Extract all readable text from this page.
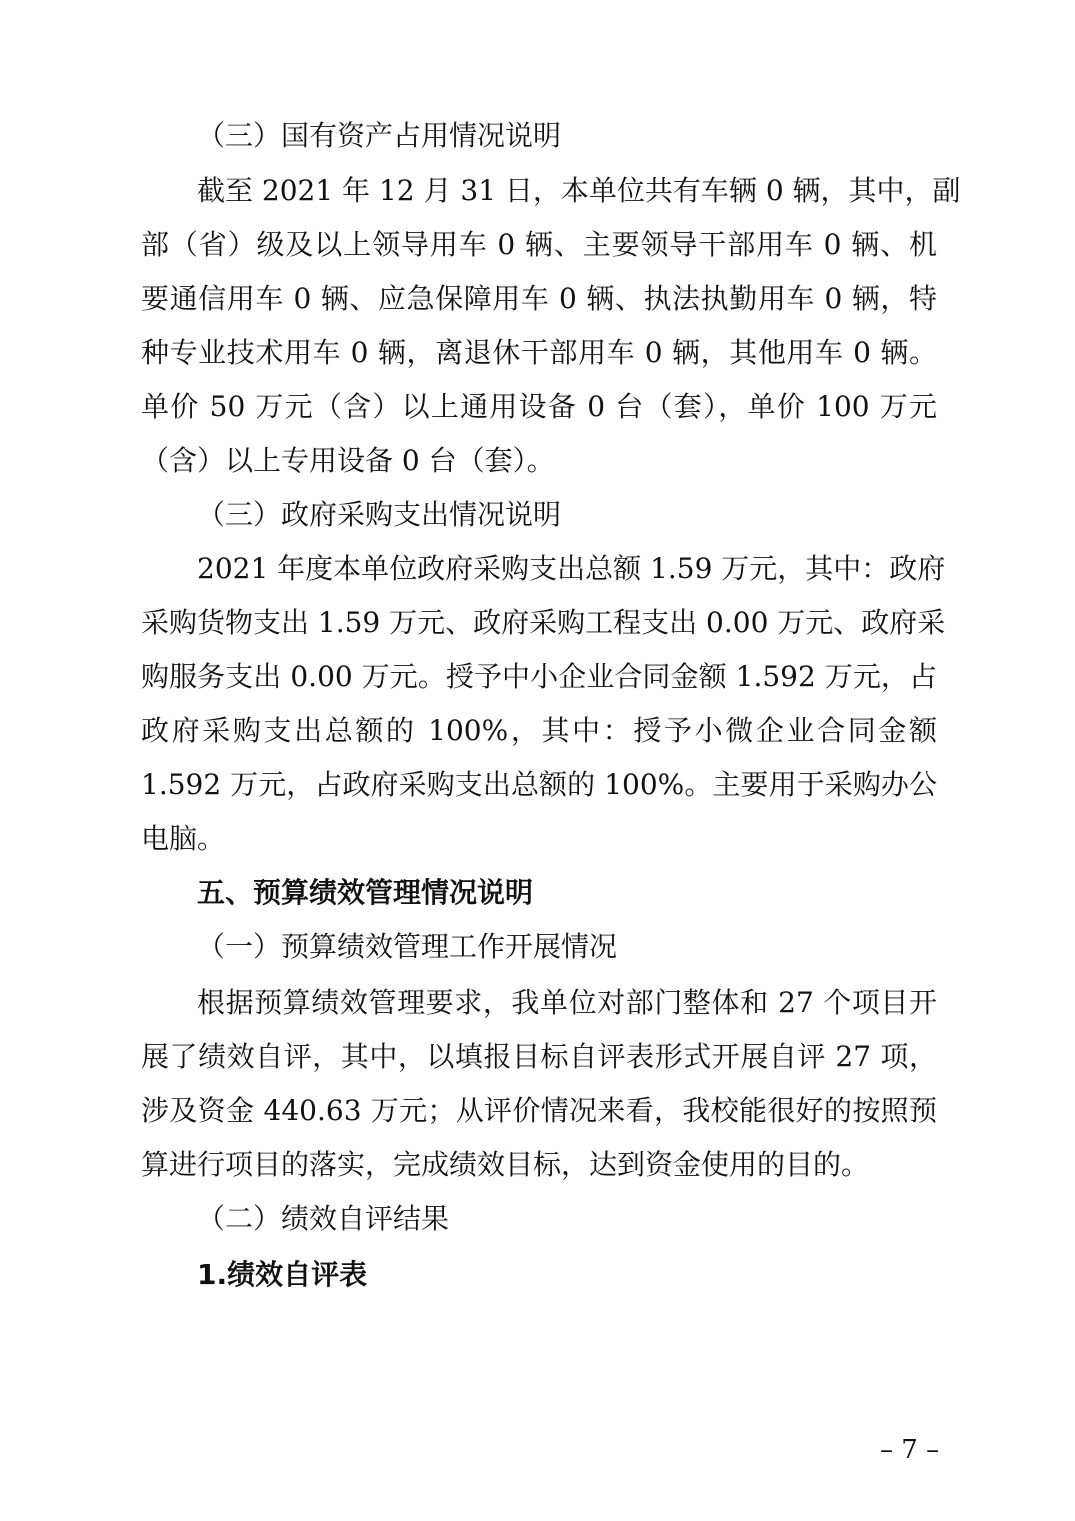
（三）国有资产占用情况说明
截至 2021 年 12 月 31 日，本单位共有车辆 0 辆，其中，副
部（省）级及以上领导用车 0 辆、主要领导干部用车 0 辆、机
要通信用车 0 辆、应急保障用车 0 辆、执法执勤用车 0 辆，特
种专业技术用车 0 辆，离退休干部用车 0 辆，其他用车 0 辆。
单价 50 万元（含）以上通用设备 0 台（套），单价 100 万元
（含）以上专用设备 0 台（套）。
（三）政府采购支出情况说明
2021 年度本单位政府采购支出总额 1.59 万元，其中：政府
采购货物支出 1.59 万元、政府采购工程支出 0.00 万元、政府采
购服务支出 0.00 万元。授予中小企业合同金额 1.592 万元，占
政府采购支出总额的 100%，其中：授予小微企业合同金额
1.592 万元，占政府采购支出总额的 100%。主要用于采购办公
电脑。
五、预算绩效管理情况说明
（一）预算绩效管理工作开展情况
根据预算绩效管理要求，我单位对部门整体和 27 个项目开
展了绩效自评，其中，以填报目标自评表形式开展自评 27 项，
涉及资金 440.63 万元；从评价情况来看，我校能很好的按照预
算进行项目的落实，完成绩效目标，达到资金使用的目的。
（二）绩效自评结果
1.绩效自评表
– 7 –
